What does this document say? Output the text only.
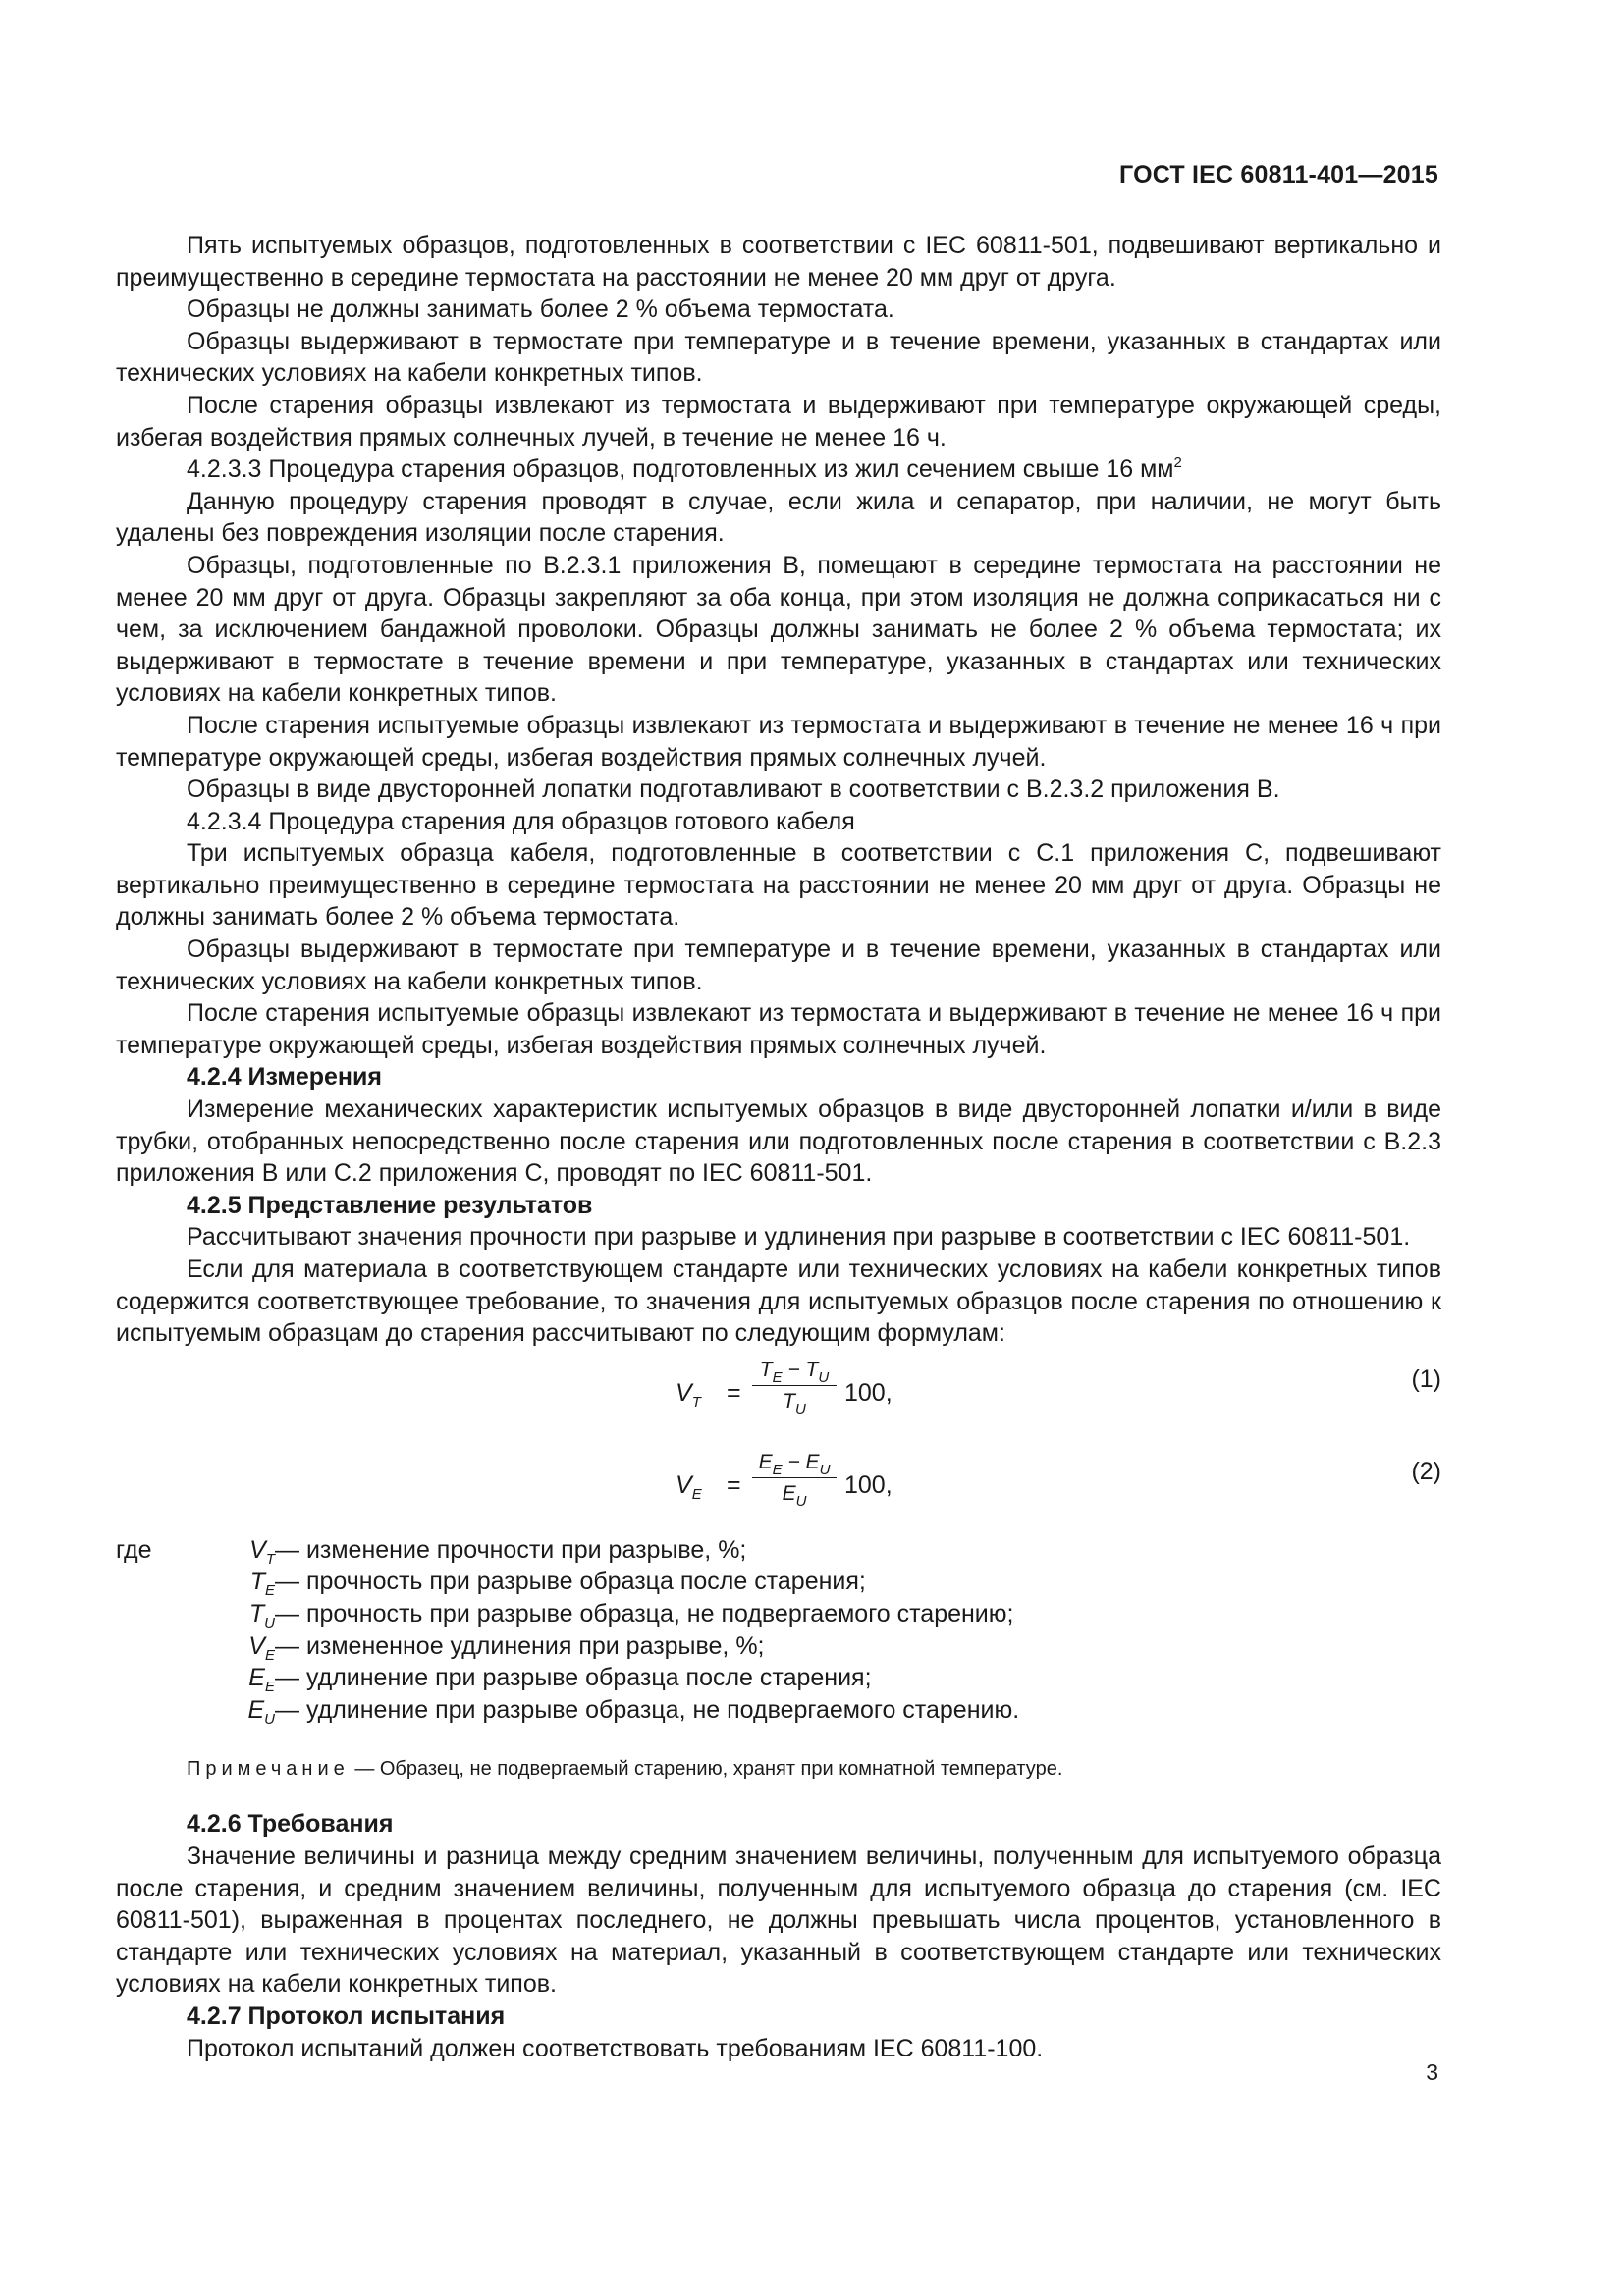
ГОСТ IEC 60811-401—2015

Пять испытуемых образцов, подготовленных в соответствии с IEC 60811-501, подвешивают вертикально и преимущественно в середине термостата на расстоянии не менее 20 мм друг от друга.

Образцы не должны занимать более 2 % объема термостата.

Образцы выдерживают в термостате при температуре и в течение времени, указанных в стандартах или технических условиях на кабели конкретных типов.

После старения образцы извлекают из термостата и выдерживают при температуре окружающей среды, избегая воздействия прямых солнечных лучей, в течение не менее 16 ч.

4.2.3.3 Процедура старения образцов, подготовленных из жил сечением свыше 16 $мм^2$

Данную процедуру старения проводят в случае, если жила и сепаратор, при наличии, не могут быть удалены без повреждения изоляции после старения.

Образцы, подготовленные по B.2.3.1 приложения B, помещают в середине термостата на расстоянии не менее 20 мм друг от друга. Образцы закрепляют за оба конца, при этом изоляция не должна соприкасаться ни с чем, за исключением бандажной проволоки. Образцы должны занимать не более 2 % объема термостата; их выдерживают в термостате в течение времени и при температуре, указанных в стандартах или технических условиях на кабели конкретных типов.

После старения испытуемые образцы извлекают из термостата и выдерживают в течение не менее 16 ч при температуре окружающей среды, избегая воздействия прямых солнечных лучей.

Образцы в виде двусторонней лопатки подготавливают в соответствии с B.2.3.2 приложения B.

4.2.3.4 Процедура старения для образцов готового кабеля

Три испытуемых образца кабеля, подготовленные в соответствии с C.1 приложения C, подвешивают вертикально преимущественно в середине термостата на расстоянии не менее 20 мм друг от друга. Образцы не должны занимать более 2 % объема термостата.

Образцы выдерживают в термостате при температуре и в течение времени, указанных в стандартах или технических условиях на кабели конкретных типов.

После старения испытуемые образцы извлекают из термостата и выдерживают в течение не менее 16 ч при температуре окружающей среды, избегая воздействия прямых солнечных лучей.

4.2.4 Измерения

Измерение механических характеристик испытуемых образцов в виде двусторонней лопатки и/или в виде трубки, отобранных непосредственно после старения или подготовленных после старения в соответствии с B.2.3 приложения B или C.2 приложения C, проводят по IEC 60811-501.

4.2.5 Представление результатов

Рассчитывают значения прочности при разрыве и удлинения при разрыве в соответствии с IEC 60811-501.

Если для материала в соответствующем стандарте или технических условиях на кабели конкретных типов содержится соответствующее требование, то значения для испытуемых образцов после старения по отношению к испытуемым образцам до старения рассчитывают по следующим формулам:

$V_T = \frac{T_E - T_U}{T_U} 100$,	(1)
$V_E = \frac{E_E - E_U}{E_U} 100$,	(2)
где	$V_T$ — изменение прочности при разрыве, %;
$T_E$ — прочность при разрыве образца после старения;
$T_U$ — прочность при разрыве образца, не подвергаемого старению;
$V_E$ — измененное удлинения при разрыве, %;
$E_E$ — удлинение при разрыве образца после старения;
$E_U$ — удлинение при разрыве образца, не подвергаемого старению.

Примечание — Образец, не подвергаемый старению, хранят при комнатной температуре.

4.2.6 Требования

Значение величины и разница между средним значением величины, полученным для испытуемого образца после старения, и средним значением величины, полученным для испытуемого образца до старения (см. IEC 60811-501), выраженная в процентах последнего, не должны превышать числа процентов, установленного в стандарте или технических условиях на материал, указанный в соответствующем стандарте или технических условиях на кабели конкретных типов.

4.2.7 Протокол испытания

Протокол испытаний должен соответствовать требованиям IEC 60811-100.

3
